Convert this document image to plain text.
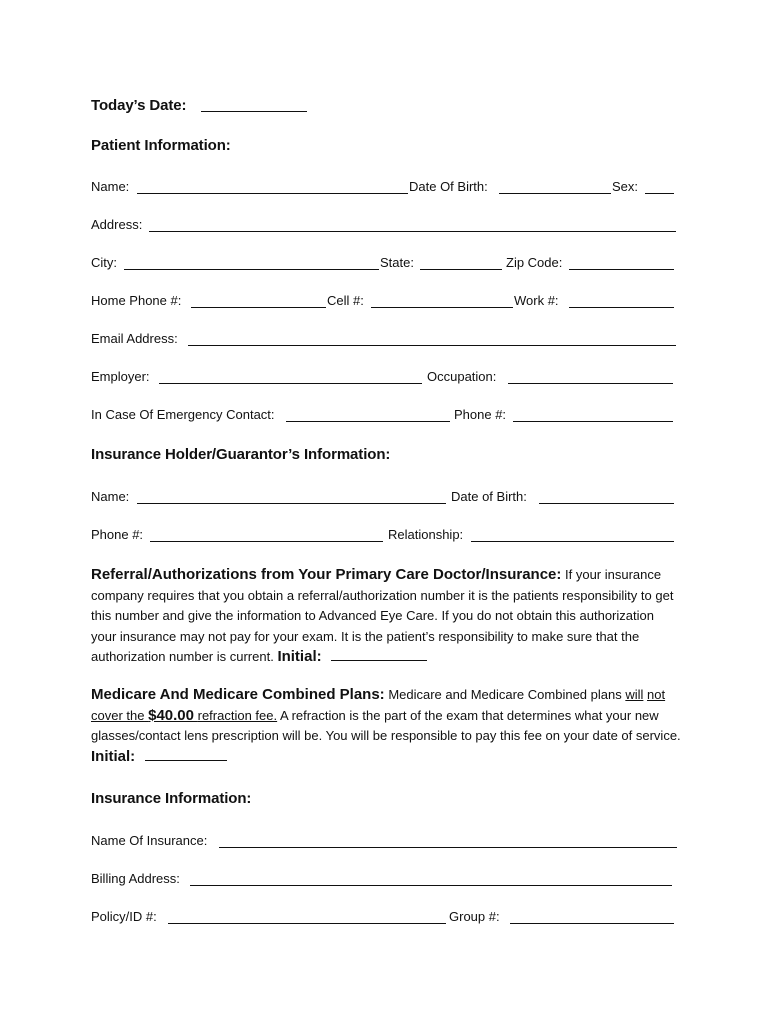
Today’s Date:
Patient Information:
Name:	Date Of Birth:	Sex:
Address:
City:	State:	Zip Code:
Home Phone #:	Cell #:	Work #:
Email Address:
Employer:	Occupation:
In Case Of Emergency Contact:	Phone #:
Insurance Holder/Guarantor’s Information:
Name:	Date of Birth:
Phone #:	Relationship:
Referral/Authorizations from Your Primary Care Doctor/Insurance: If your insurance company requires that you obtain a referral/authorization number it is the patients responsibility to get this number and give the information to Advanced Eye Care. If you do not obtain this authorization your insurance may not pay for your exam. It is the patient’s responsibility to make sure that the authorization number is current. Initial:
Medicare And Medicare Combined Plans: Medicare and Medicare Combined plans will not cover the $40.00 refraction fee. A refraction is the part of the exam that determines what your new glasses/contact lens prescription will be. You will be responsible to pay this fee on your date of service. Initial:
Insurance Information:
Name Of Insurance:
Billing Address:
Policy/ID #:	Group #:
